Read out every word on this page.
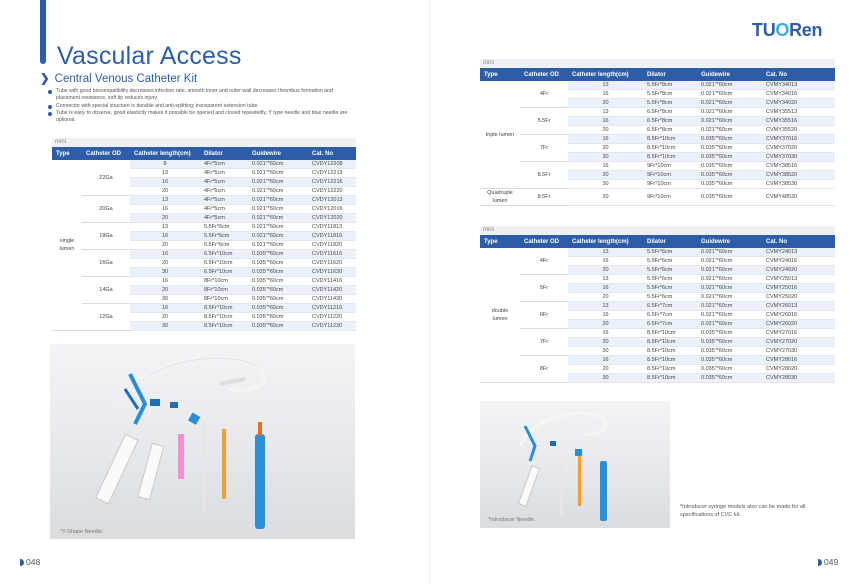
Vascular Access
❯ Central Venous Catheter Kit
Tube with good biocompatibility decreases infection rate, smooth inner and outer wall decreases thrombus formation and placement resistance, soft tip reduces injury.
Connector with special structure is durable and anti-splitting; transparent extension tube.
Tube is easy to observe, good elasticity makes it possible be opened and closed repeatedly, Y type needle and blue needle are optional.
mini
Type	Catheter OD	Catheter length(cm)	Dilator	Guidewire	Cat. No
single lumen	22Ga	8	4Fr*5cm	0.021"*60cm	CVDY12208
		13	4Fr*5cm	0.021"*60cm	CVDY12213
		16	4Fr*5cm	0.021"*60cm	CVDY12216
		20	4Fr*5cm	0.021"*60cm	CVDY12220
	20Ga	13	4Fr*5cm	0.021"*60cm	CVDY12013
		16	4Fr*5cm	0.021"*60cm	CVDY12016
		20	4Fr*5cm	0.021"*60cm	CVDY12020
	18Ga	13	5.5Fr*6cm	0.021"*60cm	CVDY11813
		16	5.5Fr*6cm	0.021"*60cm	CVDY11816
		20	5.5Fr*6cm	0.021"*60cm	CVDY11820
	16Ga	16	6.5Fr*10cm	0.035"*60cm	CVDY11616
		20	6.5Fr*10cm	0.035"*60cm	CVDY11620
		30	6.5Fr*10cm	0.035"*60cm	CVDY11630
	14Ga	16	8Fr*10cm	0.035"*60cm	CVDY11416
		20	8Fr*10cm	0.035"*60cm	CVDY11420
		30	8Fr*10cm	0.035"*60cm	CVDY11430
	12Ga	16	8.5Fr*10cm	0.035"*60cm	CVDY11216
		20	8.5Fr*10cm	0.035"*60cm	CVDY11220
		30	8.5Fr*10cm	0.035"*60cm	CVDY11230
*Y-Shape Needle.
048
TUORen
mini
Type	Catheter OD	Catheter length(cm)	Dilator	Guidewire	Cat. No
triple lumen	4Fr	13	5.5Fr*8cm	0.021"*60cm	CVMY34013
		16	5.5Fr*8cm	0.021"*60cm	CVMY34016
		20	5.5Fr*8cm	0.021"*60cm	CVMY34020
	5.5Fr	13	6.5Fr*8cm	0.021"*60cm	CVMY35513
		16	6.5Fr*8cm	0.021"*60cm	CVMY35516
		20	6.5Fr*8cm	0.021"*60cm	CVMY35520
	7Fr	16	8.5Fr*10cm	0.035"*60cm	CVMY37016
		20	8.5Fr*10cm	0.035"*60cm	CVMY37020
		30	8.5Fr*10cm	0.035"*60cm	CVMY37030
	8.5Fr	16	9Fr*10cm	0.035"*60cm	CVMY38516
		20	9Fr*10cm	0.035"*60cm	CVMY38520
		30	9Fr*10cm	0.035"*60cm	CVMY38530
Quadruple lumen	8.5Fr	20	9Fr*10cm	0.035"*60cm	CVMY48520
mini
Type	Catheter OD	Catheter length(cm)	Dilator	Guidewire	Cat. No
double lumen	4Fr	13	5.5Fr*6cm	0.021"*60cm	CVMY24013
		16	5.5Fr*6cm	0.021"*60cm	CVMY24016
		20	5.5Fr*6cm	0.021"*60cm	CVMY24020
	5Fr	13	5.5Fr*6cm	0.021"*60cm	CVMY25013
		16	5.5Fr*6cm	0.021"*60cm	CVMY25016
		20	5.5Fr*6cm	0.021"*60cm	CVMY25020
	6Fr	13	6.5Fr*7cm	0.021"*60cm	CVMY26013
		16	6.5Fr*7cm	0.021"*60cm	CVMY26016
		20	6.5Fr*7cm	0.021"*60cm	CVMY26020
	7Fr	16	8.5Fr*10cm	0.035"*60cm	CVMY27016
		20	8.5Fr*10cm	0.035"*60cm	CVMY27020
		30	8.5Fr*10cm	0.035"*60cm	CVMY27030
	8Fr	16	8.5Fr*10cm	0.035"*60cm	CVMY28016
		20	8.5Fr*10cm	0.035"*60cm	CVMY28020
		30	8.5Fr*10cm	0.035"*60cm	CVMY28030
*Introducer Needle.
*Introducer syringe models also can be made for all specifications of CVC kit.
049
